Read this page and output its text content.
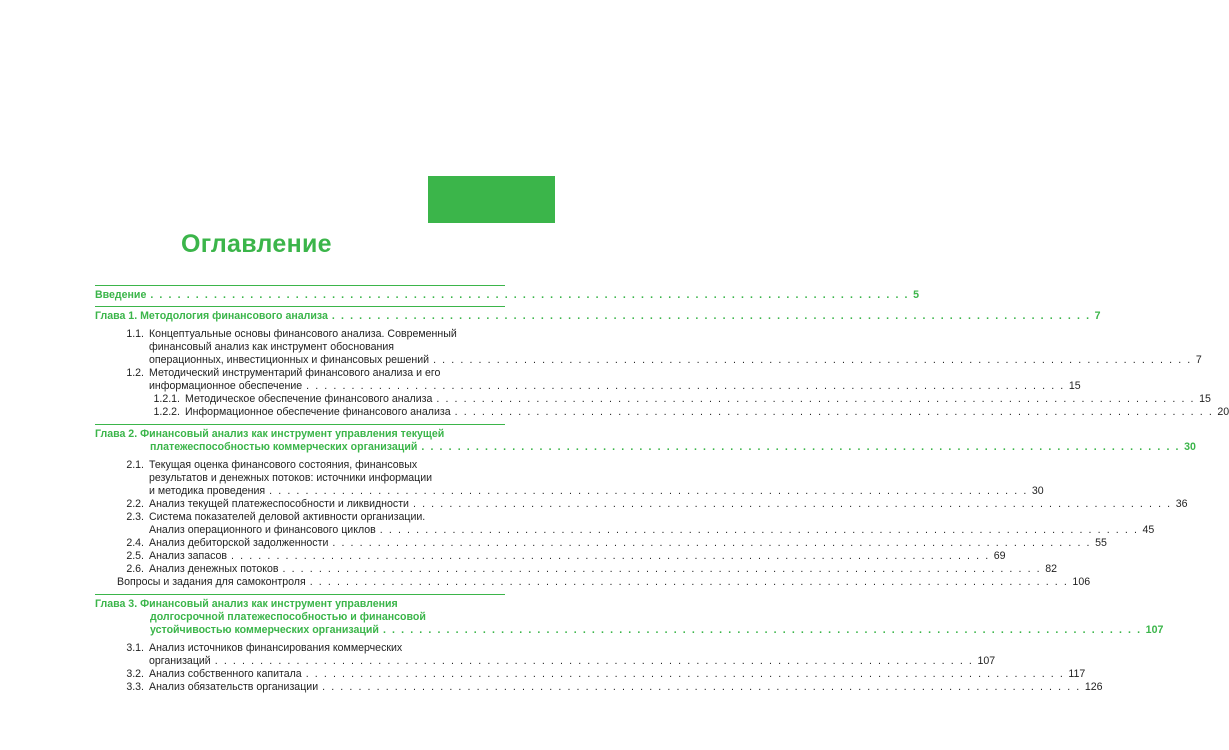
Оглавление
Введение . . .	5
Глава 1. Методология финансового анализа . . .	7
1.1. Концептуальные основы финансового анализа. Современный
финансовый анализ как инструмент обоснования
операционных, инвестиционных и финансовых решений . . .	7
1.2. Методический инструментарий финансового анализа и его
информационное обеспечение . . .	15
1.2.1. Методическое обеспечение финансового анализа . . .	15
1.2.2. Информационное обеспечение финансового анализа . . .	20
Глава 2. Финансовый анализ как инструмент управления текущей
платежеспособностью коммерческих организаций . . .	30
2.1. Текущая оценка финансового состояния, финансовых
результатов и денежных потоков: источники информации
и методика проведения . . .	30
2.2. Анализ текущей платежеспособности и ликвидности . . .	36
2.3. Система показателей деловой активности организации.
Анализ операционного и финансового циклов . . .	45
2.4. Анализ дебиторской задолженности . . .	55
2.5. Анализ запасов . . .	69
2.6. Анализ денежных потоков . . .	82
Вопросы и задания для самоконтроля . . .	106
Глава 3. Финансовый анализ как инструмент управления
долгосрочной платежеспособностью и финансовой
устойчивостью коммерческих организаций . . .	107
3.1. Анализ источников финансирования коммерческих
организаций . . .	107
3.2. Анализ собственного капитала . . .	117
3.3. Анализ обязательств организации . . .	126
